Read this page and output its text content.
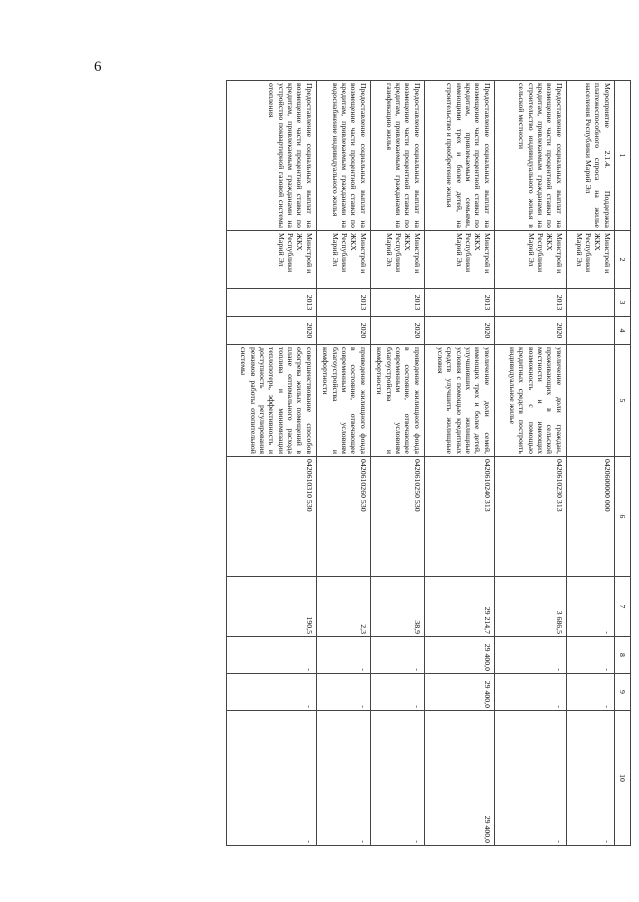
6
1	2	3	4	5	6	7	8	9	10
Мероприятие 2.1.4. Поддержка платежеспособного спроса на жилье населения Республики Марий Эл	Минстрой и ЖКХ Республики Марий Эл				0420600000 000	-	-	-	-
Предоставление социальных выплат на возмещение части процентной ставки по кредитам, привлекаемым гражданами на строительство индивидуального жилья в сельской местности	Минстрой и ЖКХ Республики Марий Эл	2013	2020	увеличение доли граждан, проживающих в сельской местности и имеющих возможность с помощью кредитных средств построить индивидуальное жилье	0420610230 313	3 686,5	-	-	-
Предоставление социальных выплат на возмещение части процентной ставки по кредитам, привлекаемым семьями, имеющими трех и более детей, на строительство и приобретение жилья	Минстрой и ЖКХ Республики Марий Эл	2013	2020	увеличение доли семей, имеющих трех и более детей, улучшивших жилищные условия с помощью кредитных средств улучшить жилищные условия	0420610240 313	29 214,7	29 400,0	29 400,0	29 400,0
Предоставление социальных выплат на возмещение части процентной ставки по кредитам, привлекаемым гражданами на газификацию жилья	Минстрой и ЖКХ Республики Марий Эл	2013	2020	приведение жилищного фонда в состояние, отвечающее современным условиям благоустройства и комфортности	0420610250 530	38,9	-	-	-
Предоставление социальных выплат на возмещение части процентной ставки по кредитам, привлекаемым гражданами на водоснабжение индивидуального жилья	Минстрой и ЖКХ Республики Марий Эл	2013	2020	приведение жилищного фонда в состояние, отвечающее современным условиям благоустройства и комфортности	0420610260 530	2,3	-	-	-
Предоставление социальных выплат на возмещение части процентной ставки по кредитам, привлекаемым гражданами на устройство поквартирной газовой системы отопления	Минстрой и ЖКХ Республики Марий Эл	2013	2020	совершенствование способов обогрева жилых помещений в плане оптимального расхода топлива и минимизации теплопотерь, эффективность и доступность регулирования режимов работы отопительной системы	0420610310 530	190,5	-	-	-
